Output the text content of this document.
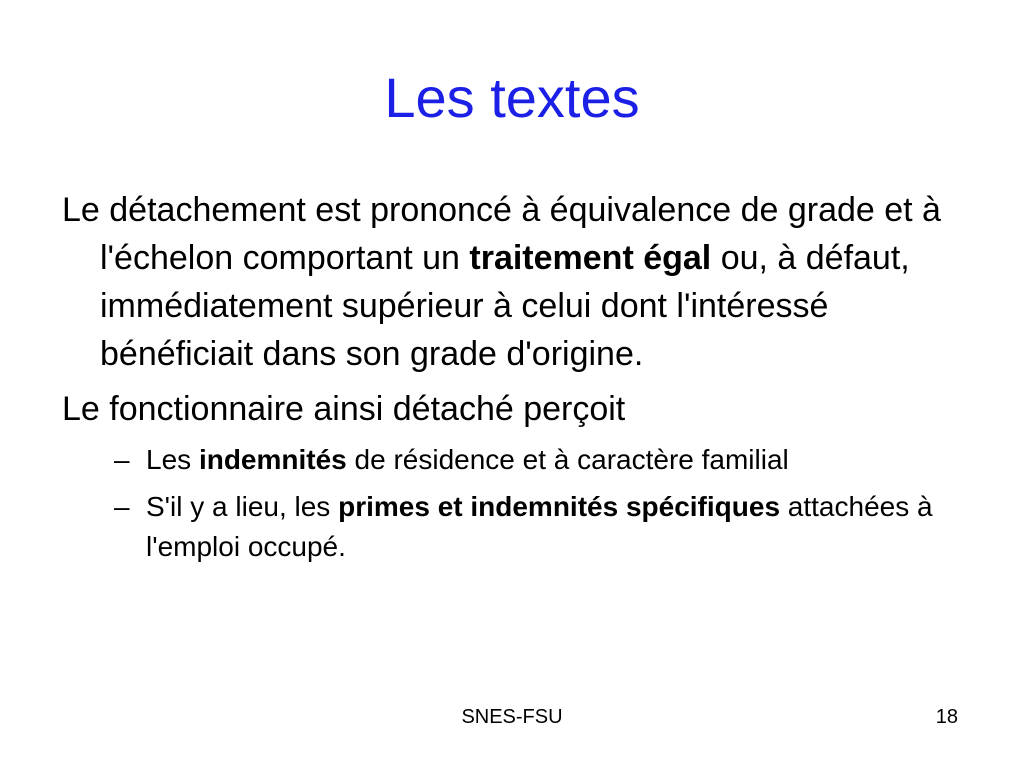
Les textes

Le détachement est prononcé à équivalence de grade et à l'échelon comportant un traitement égal ou, à défaut, immédiatement supérieur à celui dont l'intéressé bénéficiait dans son grade d'origine.

Le fonctionnaire ainsi détaché perçoit

– Les indemnités de résidence et à caractère familial

– S'il y a lieu, les primes et indemnités spécifiques attachées à l'emploi occupé.

SNES-FSU	18
